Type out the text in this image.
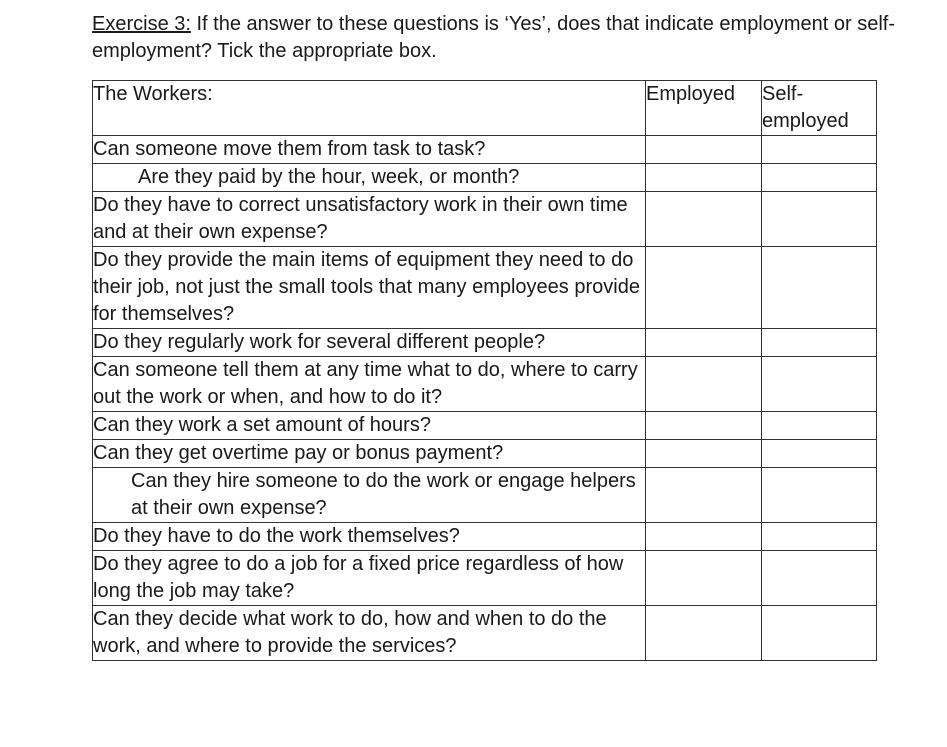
Exercise 3: If the answer to these questions is ‘Yes’, does that indicate employment or self-employment? Tick the appropriate box.

The Workers:	Employed	Self-employed
Can someone move them from task to task?		
Are they paid by the hour, week, or month?		
Do they have to correct unsatisfactory work in their own time and at their own expense?		
Do they provide the main items of equipment they need to do their job, not just the small tools that many employees provide for themselves?		
Do they regularly work for several different people?		
Can someone tell them at any time what to do, where to carry out the work or when, and how to do it?		
Can they work a set amount of hours?		
Can they get overtime pay or bonus payment?		
Can they hire someone to do the work or engage helpers at their own expense?		
Do they have to do the work themselves?		
Do they agree to do a job for a fixed price regardless of how long the job may take?		
Can they decide what work to do, how and when to do the work, and where to provide the services?		
